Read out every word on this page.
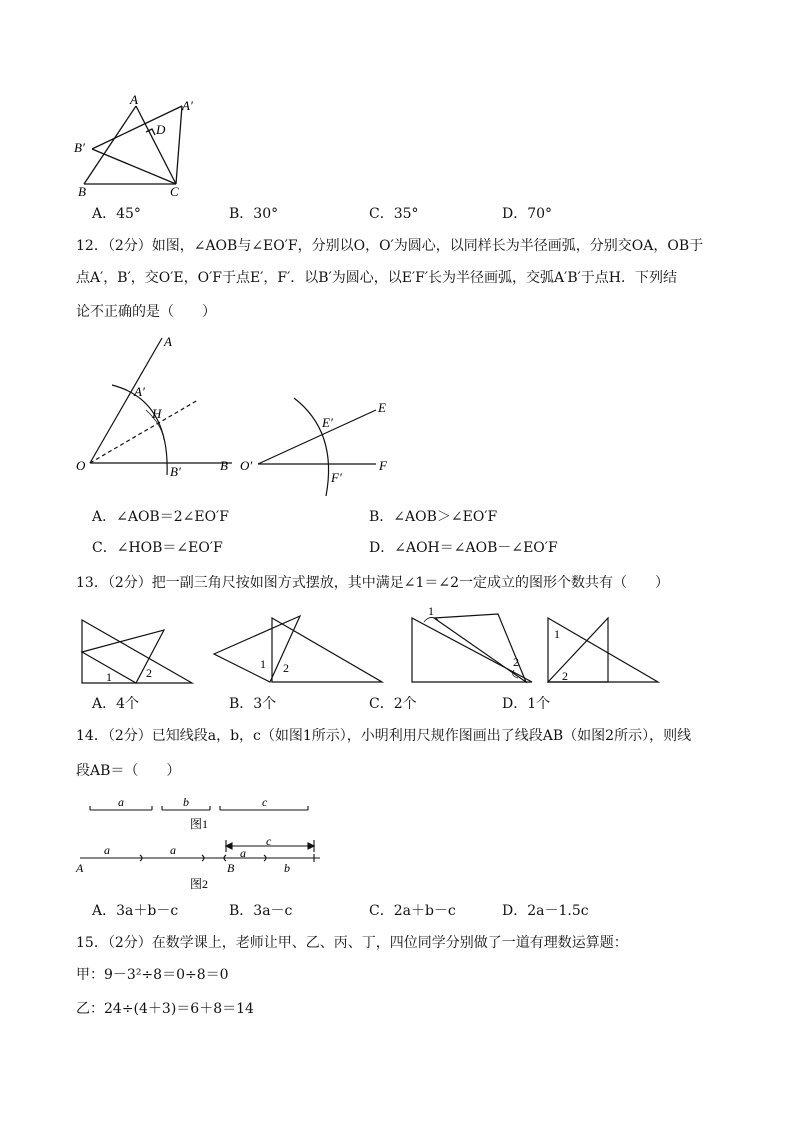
A	A′
D
B′
B	C
A．45°	B．30°	C．35°	D．70°
12．（2分）如图，∠AOB与∠EO′F，分别以O，O′为圆心，以同样长为半径画弧，分别交OA，OB于
点A′，B′，交O′E，O′F于点E′，F′．以B′为圆心，以E′F′长为半径画弧，交弧A′B′于点H．下列结
论不正确的是（　　）
A
A′
H
O	B′	B
E
E′
O′	F
F′
A．∠AOB＝2∠EO′F	B．∠AOB＞∠EO′F
C．∠HOB＝∠EO′F	D．∠AOH＝∠AOB－∠EO′F
13．（2分）把一副三角尺按如图方式摆放，其中满足∠1＝∠2一定成立的图形个数共有（　　）
1	2
1 2
1
2
1
2
A．4个	B．3个	C．2个	D．1个
14．（2分）已知线段a，b，c（如图1所示），小明利用尺规作图画出了线段AB（如图2所示），则线
段AB＝（　　）
a	b	c
图1
c
a	a	a
A	B	b
图2
A．3a＋b－c	B．3a－c	C．2a＋b－c	D．2a－1.5c
15．（2分）在数学课上，老师让甲、乙、丙、丁，四位同学分别做了一道有理数运算题：
甲：9－3²÷8＝0÷8＝0
乙：24÷(4＋3)＝6＋8＝14
